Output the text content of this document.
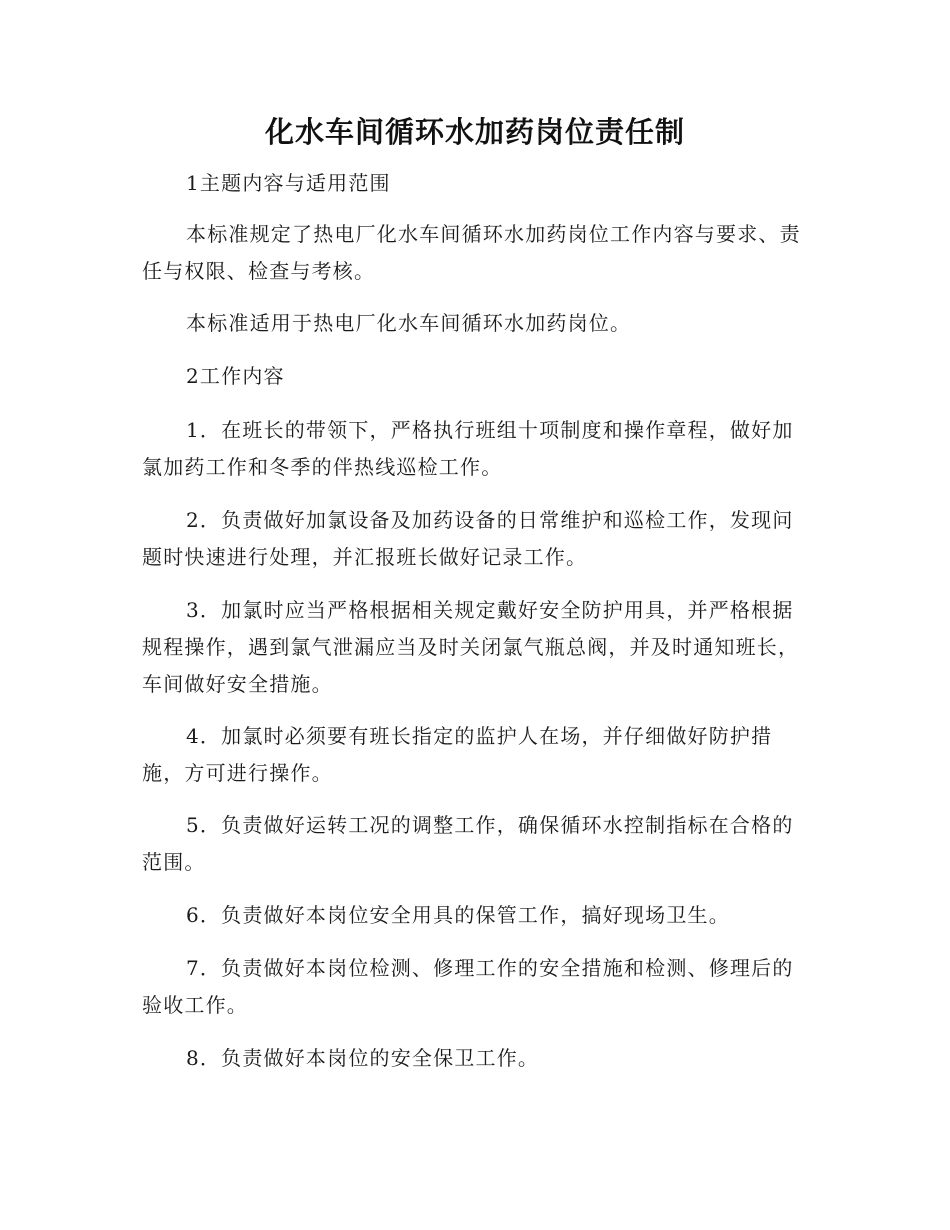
化水车间循环水加药岗位责任制
1主题内容与适用范围
本标准规定了热电厂化水车间循环水加药岗位工作内容与要求、责任与权限、检查与考核。
本标准适用于热电厂化水车间循环水加药岗位。
2工作内容
1．在班长的带领下，严格执行班组十项制度和操作章程，做好加氯加药工作和冬季的伴热线巡检工作。
2．负责做好加氯设备及加药设备的日常维护和巡检工作，发现问题时快速进行处理，并汇报班长做好记录工作。
3．加氯时应当严格根据相关规定戴好安全防护用具，并严格根据规程操作，遇到氯气泄漏应当及时关闭氯气瓶总阀，并及时通知班长，车间做好安全措施。
4．加氯时必须要有班长指定的监护人在场，并仔细做好防护措施，方可进行操作。
5．负责做好运转工况的调整工作，确保循环水控制指标在合格的范围。
6．负责做好本岗位安全用具的保管工作，搞好现场卫生。
7．负责做好本岗位检测、修理工作的安全措施和检测、修理后的验收工作。
8．负责做好本岗位的安全保卫工作。
